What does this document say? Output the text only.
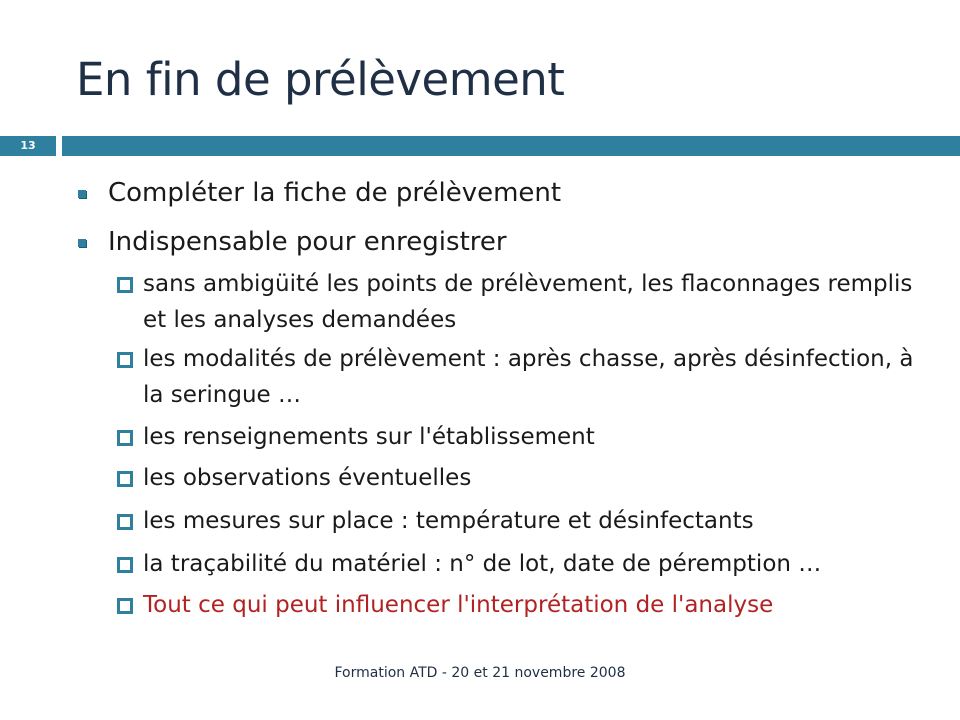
En fin de prélèvement
13
Compléter la fiche de prélèvement
Indispensable pour enregistrer
sans ambigüité les points de prélèvement, les flaconnages remplis et les analyses demandées
les modalités de prélèvement : après chasse, après désinfection, à la seringue …
les renseignements sur l'établissement
les observations éventuelles
les mesures sur place : température et désinfectants
la traçabilité du matériel : n° de lot, date de péremption …
Tout ce qui peut influencer l'interprétation de l'analyse
Formation ATD - 20 et 21 novembre 2008
